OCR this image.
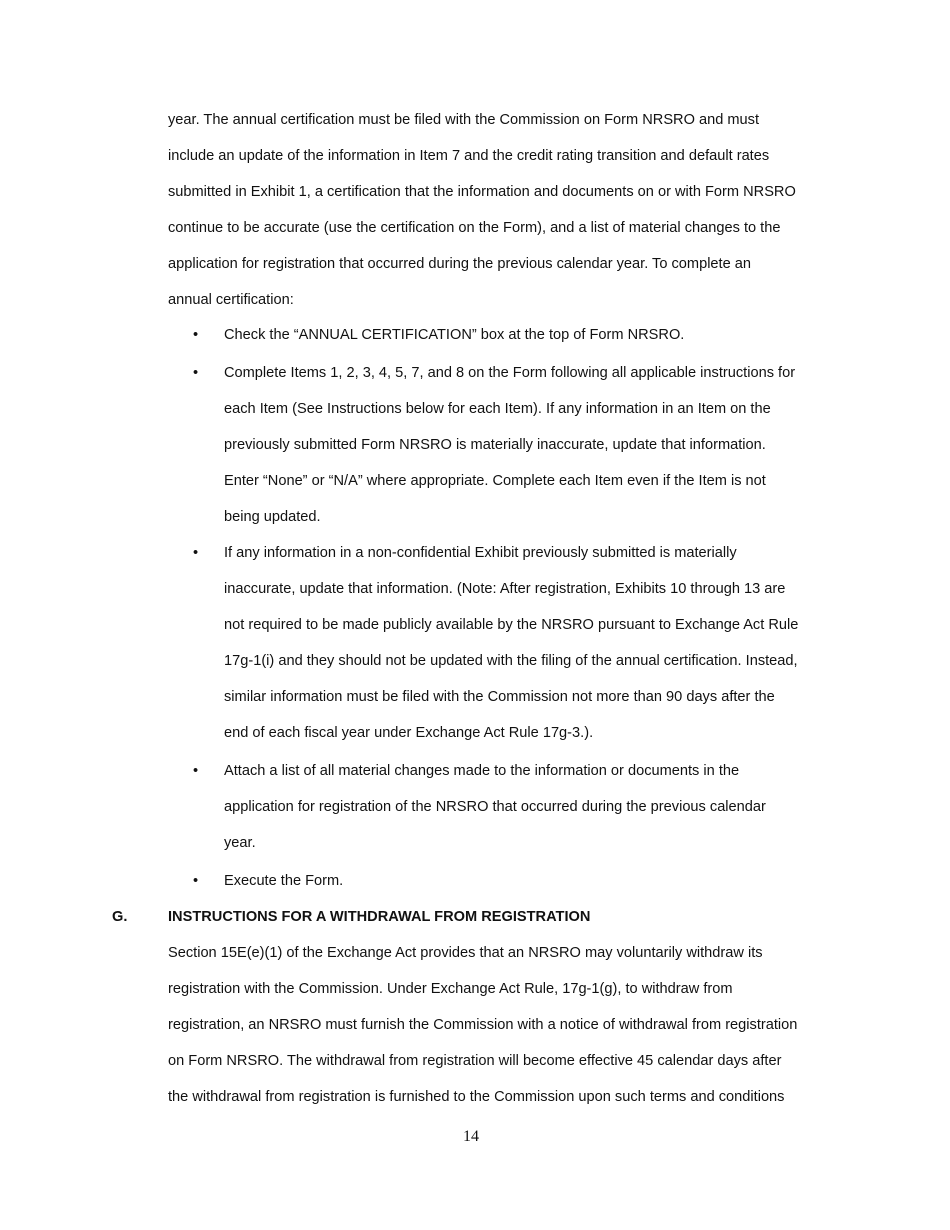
year. The annual certification must be filed with the Commission on Form NRSRO and must
include an update of the information in Item 7 and the credit rating transition and default rates
submitted in Exhibit 1, a certification that the information and documents on or with Form NRSRO
continue to be accurate (use the certification on the Form), and a list of material changes to the
application for registration that occurred during the previous calendar year. To complete an
annual certification:
•	Check the “ANNUAL CERTIFICATION” box at the top of Form NRSRO.
•	Complete Items 1, 2, 3, 4, 5, 7, and 8 on the Form following all applicable instructions for
each Item (See Instructions below for each Item). If any information in an Item on the
previously submitted Form NRSRO is materially inaccurate, update that information.
Enter “None” or “N/A” where appropriate. Complete each Item even if the Item is not
being updated.
•	If any information in a non-confidential Exhibit previously submitted is materially
inaccurate, update that information. (Note: After registration, Exhibits 10 through 13 are
not required to be made publicly available by the NRSRO pursuant to Exchange Act Rule
17g-1(i) and they should not be updated with the filing of the annual certification. Instead,
similar information must be filed with the Commission not more than 90 days after the
end of each fiscal year under Exchange Act Rule 17g-3.).
•	Attach a list of all material changes made to the information or documents in the
application for registration of the NRSRO that occurred during the previous calendar
year.
•	Execute the Form.
G.	INSTRUCTIONS FOR A WITHDRAWAL FROM REGISTRATION
Section 15E(e)(1) of the Exchange Act provides that an NRSRO may voluntarily withdraw its
registration with the Commission. Under Exchange Act Rule, 17g-1(g), to withdraw from
registration, an NRSRO must furnish the Commission with a notice of withdrawal from registration
on Form NRSRO. The withdrawal from registration will become effective 45 calendar days after
the withdrawal from registration is furnished to the Commission upon such terms and conditions
14
